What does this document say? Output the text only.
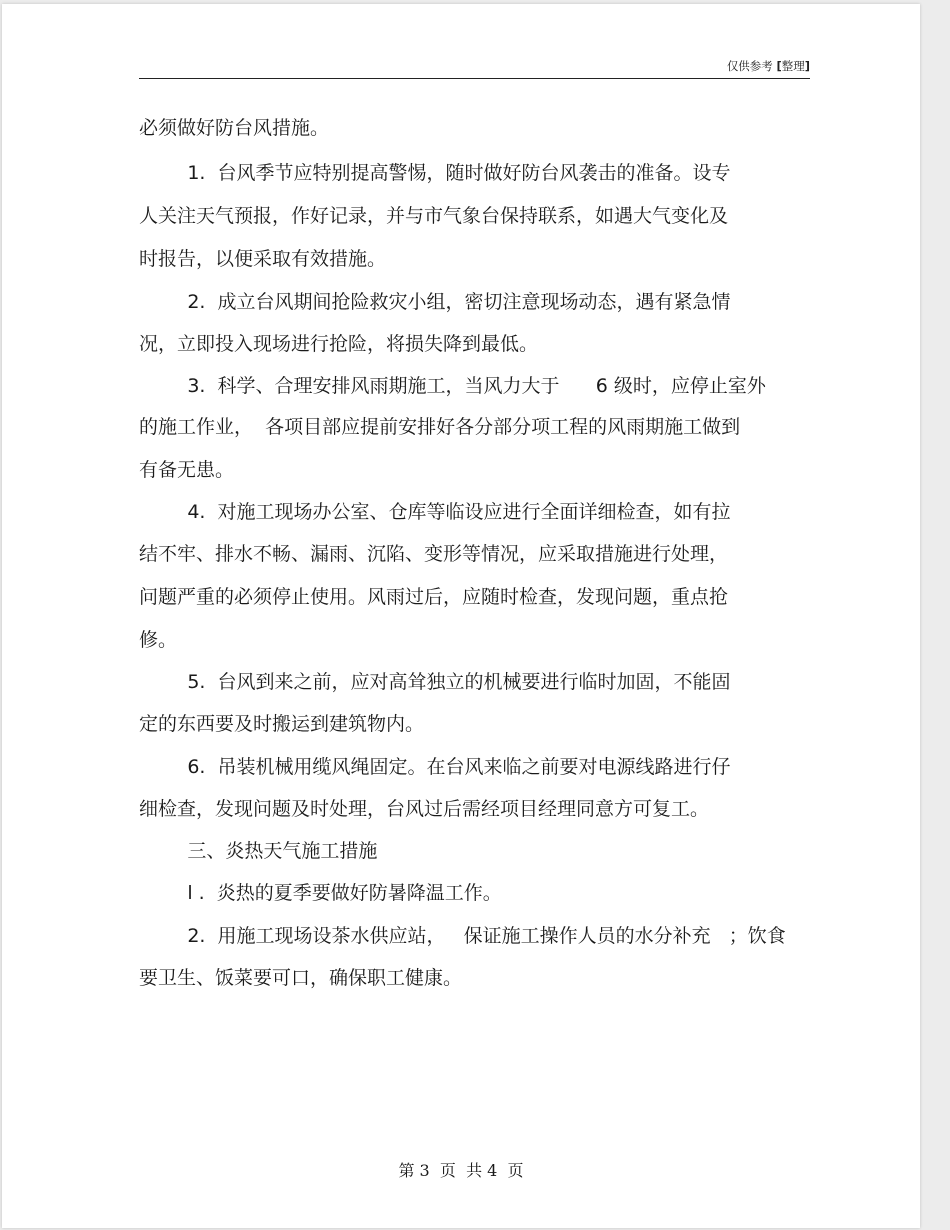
仅供参考 [整理]
必须做好防台风措施。
1.  台风季节应特别提高警惕，随时做好防台风袭击的准备。设专
人关注天气预报，作好记录，并与市气象台保持联系，如遇大气变化及
时报告，以便采取有效措施。
2.  成立台风期间抢险救灾小组，密切注意现场动态，遇有紧急情
况，立即投入现场进行抢险，将损失降到最低。
3.  科学、合理安排风雨期施工，当风力大于      6 级时，应停止室外
的施工作业，  各项目部应提前安排好各分部分项工程的风雨期施工做到
有备无患。
4.  对施工现场办公室、仓库等临设应进行全面详细检查，如有拉
结不牢、排水不畅、漏雨、沉陷、变形等情况，应采取措施进行处理，
问题严重的必须停止使用。风雨过后，应随时检查，发现问题，重点抢
修。
5.  台风到来之前，应对高耸独立的机械要进行临时加固，不能固
定的东西要及时搬运到建筑物内。
6.  吊装机械用缆风绳固定。在台风来临之前要对电源线路进行仔
细检查，发现问题及时处理，台风过后需经项目经理同意方可复工。
三、炎热天气施工措施
l .  炎热的夏季要做好防暑降温工作。
2.  用施工现场设茶水供应站，   保证施工操作人员的水分补充   ；饮食
要卫生、饭菜要可口，确保职工健康。
第 3  页  共 4  页
